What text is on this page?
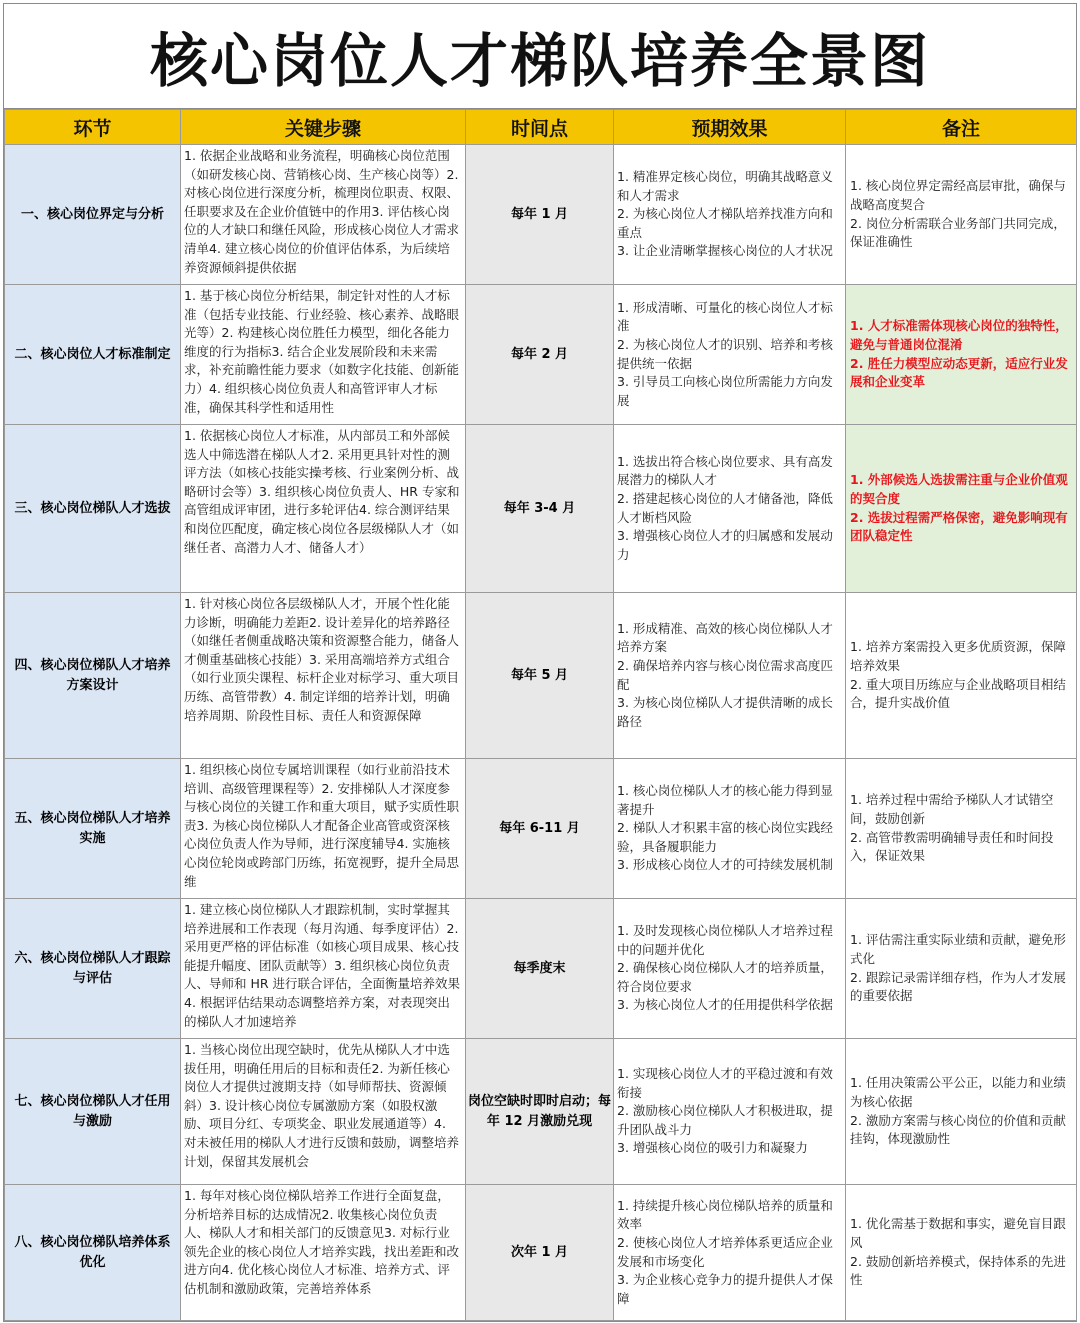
核心岗位人才梯队培养全景图
环节	关键步骤	时间点	预期效果	备注
一、核心岗位界定与分析	1. 依据企业战略和业务流程，明确核心岗位范围（如研发核心岗、营销核心岗、生产核心岗等）2. 对核心岗位进行深度分析，梳理岗位职责、权限、任职要求及在企业价值链中的作用3. 评估核心岗位的人才缺口和继任风险，形成核心岗位人才需求清单4. 建立核心岗位的价值评估体系，为后续培养资源倾斜提供依据	每年 1 月	1. 精准界定核心岗位，明确其战略意义和人才需求
2. 为核心岗位人才梯队培养找准方向和重点
3. 让企业清晰掌握核心岗位的人才状况	1. 核心岗位界定需经高层审批，确保与战略高度契合
2. 岗位分析需联合业务部门共同完成，保证准确性

二、核心岗位人才标准制定	1. 基于核心岗位分析结果，制定针对性的人才标准（包括专业技能、行业经验、核心素养、战略眼光等）2. 构建核心岗位胜任力模型，细化各能力维度的行为指标3. 结合企业发展阶段和未来需求，补充前瞻性能力要求（如数字化技能、创新能力）4. 组织核心岗位负责人和高管评审人才标准，确保其科学性和适用性	每年 2 月	1. 形成清晰、可量化的核心岗位人才标准
2. 为核心岗位人才的识别、培养和考核提供统一依据
3. 引导员工向核心岗位所需能力方向发展	1. 人才标准需体现核心岗位的独特性，避免与普通岗位混淆
2. 胜任力模型应动态更新，适应行业发展和企业变革

三、核心岗位梯队人才选拔	1. 依据核心岗位人才标准，从内部员工和外部候选人中筛选潜在梯队人才2. 采用更具针对性的测评方法（如核心技能实操考核、行业案例分析、战略研讨会等）3. 组织核心岗位负责人、HR 专家和高管组成评审团，进行多轮评估4. 综合测评结果和岗位匹配度，确定核心岗位各层级梯队人才（如继任者、高潜力人才、储备人才）	每年 3-4 月	1. 选拔出符合核心岗位要求、具有高发展潜力的梯队人才
2. 搭建起核心岗位的人才储备池，降低人才断档风险
3. 增强核心岗位人才的归属感和发展动力	1. 外部候选人选拔需注重与企业价值观的契合度
2. 选拔过程需严格保密，避免影响现有团队稳定性

四、核心岗位梯队人才培养方案设计	1. 针对核心岗位各层级梯队人才，开展个性化能力诊断，明确能力差距2. 设计差异化的培养路径（如继任者侧重战略决策和资源整合能力，储备人才侧重基础核心技能）3. 采用高端培养方式组合（如行业顶尖课程、标杆企业对标学习、重大项目历练、高管带教）4. 制定详细的培养计划，明确培养周期、阶段性目标、责任人和资源保障	每年 5 月	1. 形成精准、高效的核心岗位梯队人才培养方案
2. 确保培养内容与核心岗位需求高度匹配
3. 为核心岗位梯队人才提供清晰的成长路径	1. 培养方案需投入更多优质资源，保障培养效果
2. 重大项目历练应与企业战略项目相结合，提升实战价值

五、核心岗位梯队人才培养实施	1. 组织核心岗位专属培训课程（如行业前沿技术培训、高级管理课程等）2. 安排梯队人才深度参与核心岗位的关键工作和重大项目，赋予实质性职责3. 为核心岗位梯队人才配备企业高管或资深核心岗位负责人作为导师，进行深度辅导4. 实施核心岗位轮岗或跨部门历练，拓宽视野，提升全局思维	每年 6-11 月	1. 核心岗位梯队人才的核心能力得到显著提升
2. 梯队人才积累丰富的核心岗位实践经验，具备履职能力
3. 形成核心岗位人才的可持续发展机制	1. 培养过程中需给予梯队人才试错空间，鼓励创新
2. 高管带教需明确辅导责任和时间投入，保证效果

六、核心岗位梯队人才跟踪与评估	1. 建立核心岗位梯队人才跟踪机制，实时掌握其培养进展和工作表现（每月沟通、每季度评估）2. 采用更严格的评估标准（如核心项目成果、核心技能提升幅度、团队贡献等）3. 组织核心岗位负责人、导师和 HR 进行联合评估，全面衡量培养效果4. 根据评估结果动态调整培养方案，对表现突出的梯队人才加速培养	每季度末	1. 及时发现核心岗位梯队人才培养过程中的问题并优化
2. 确保核心岗位梯队人才的培养质量，符合岗位要求
3. 为核心岗位人才的任用提供科学依据	1. 评估需注重实际业绩和贡献，避免形式化
2. 跟踪记录需详细存档，作为人才发展的重要依据

七、核心岗位梯队人才任用与激励	1. 当核心岗位出现空缺时，优先从梯队人才中选拔任用，明确任用后的目标和责任2. 为新任核心岗位人才提供过渡期支持（如导师帮扶、资源倾斜）3. 设计核心岗位专属激励方案（如股权激励、项目分红、专项奖金、职业发展通道等）4. 对未被任用的梯队人才进行反馈和鼓励，调整培养计划，保留其发展机会	岗位空缺时即时启动；每年 12 月激励兑现	1. 实现核心岗位人才的平稳过渡和有效衔接
2. 激励核心岗位梯队人才积极进取，提升团队战斗力
3. 增强核心岗位的吸引力和凝聚力	1. 任用决策需公平公正，以能力和业绩为核心依据
2. 激励方案需与核心岗位的价值和贡献挂钩，体现激励性

八、核心岗位梯队培养体系优化	1. 每年对核心岗位梯队培养工作进行全面复盘，分析培养目标的达成情况2. 收集核心岗位负责人、梯队人才和相关部门的反馈意见3. 对标行业领先企业的核心岗位人才培养实践，找出差距和改进方向4. 优化核心岗位人才标准、培养方式、评估机制和激励政策，完善培养体系	次年 1 月	1. 持续提升核心岗位梯队培养的质量和效率
2. 使核心岗位人才培养体系更适应企业发展和市场变化
3. 为企业核心竞争力的提升提供人才保障	1. 优化需基于数据和事实，避免盲目跟风
2. 鼓励创新培养模式，保持体系的先进性
